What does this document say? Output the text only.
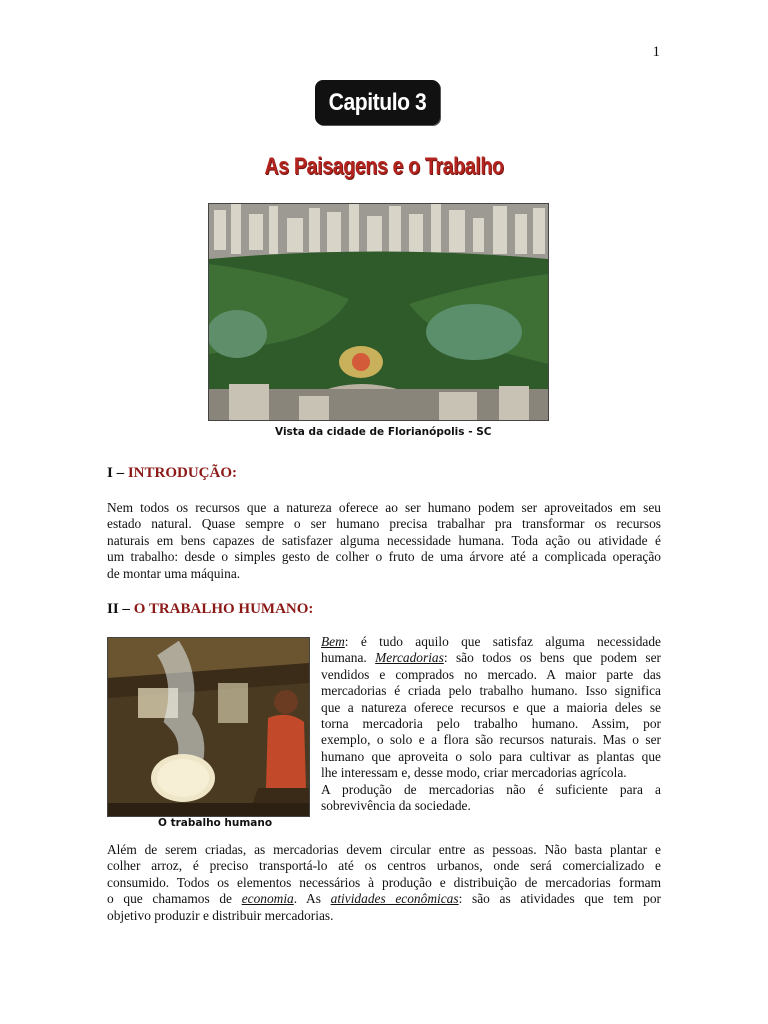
1
Capitulo 3
As Paisagens e o Trabalho
Vista da cidade de Florianópolis - SC
I – INTRODUÇÃO:

Nem todos os recursos que a natureza oferece ao ser humano podem ser aproveitados em seu
estado natural. Quase sempre o ser humano precisa trabalhar pra transformar os recursos
naturais em bens capazes de satisfazer alguma necessidade humana. Toda ação ou atividade é
um trabalho: desde o simples gesto de colher o fruto de uma árvore até a complicada operação
de montar uma máquina.

II – O TRABALHO HUMANO:
O trabalho humano
Bem: é tudo aquilo que satisfaz alguma necessidade
humana. Mercadorias: são todos os bens que podem ser
vendidos e comprados no mercado. A maior parte das
mercadorias é criada pelo trabalho humano. Isso significa
que a natureza oferece recursos e que a maioria deles se
torna mercadoria pelo trabalho humano. Assim, por
exemplo, o solo e a flora são recursos naturais. Mas o ser
humano que aproveita o solo para cultivar as plantas que
lhe interessam e, desse modo, criar mercadorias agrícola.
A produção de mercadorias não é suficiente para a
sobrevivência da sociedade.

Além de serem criadas, as mercadorias devem circular entre as pessoas. Não basta plantar e
colher arroz, é preciso transportá-lo até os centros urbanos, onde será comercializado e
consumido. Todos os elementos necessários à produção e distribuição de mercadorias formam
o que chamamos de economia. As atividades econômicas: são as atividades que tem por
objetivo produzir e distribuir mercadorias.
